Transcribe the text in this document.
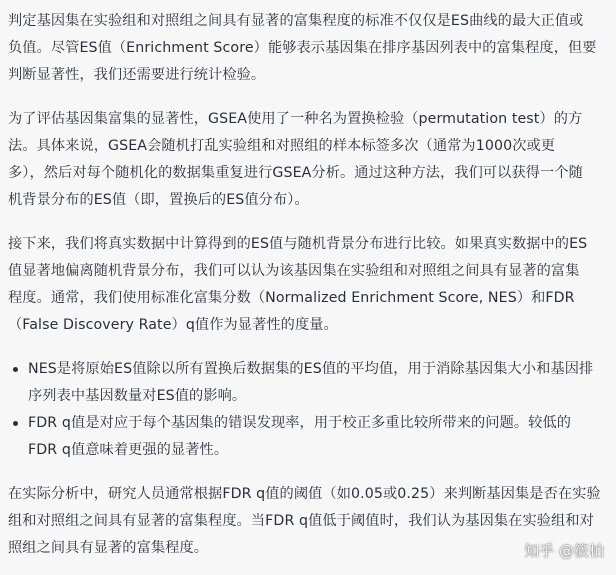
判定基因集在实验组和对照组之间具有显著的富集程度的标准不仅仅是ES曲线的最大正值或
负值。尽管ES值（Enrichment Score）能够表示基因集在排序基因列表中的富集程度，但要
判断显著性，我们还需要进行统计检验。

为了评估基因集富集的显著性，GSEA使用了一种名为置换检验（permutation test）的方
法。具体来说，GSEA会随机打乱实验组和对照组的样本标签多次（通常为1000次或更
多），然后对每个随机化的数据集重复进行GSEA分析。通过这种方法，我们可以获得一个随
机背景分布的ES值（即，置换后的ES值分布）。

接下来，我们将真实数据中计算得到的ES值与随机背景分布进行比较。如果真实数据中的ES
值显著地偏离随机背景分布，我们可以认为该基因集在实验组和对照组之间具有显著的富集
程度。通常，我们使用标准化富集分数（Normalized Enrichment Score, NES）和FDR
（False Discovery Rate）q值作为显著性的度量。

NES是将原始ES值除以所有置换后数据集的ES值的平均值，用于消除基因集大小和基因排
序列表中基因数量对ES值的影响。
FDR q值是对应于每个基因集的错误发现率，用于校正多重比较所带来的问题。较低的
FDR q值意味着更强的显著性。

在实际分析中，研究人员通常根据FDR q值的阈值（如0.05或0.25）来判断基因集是否在实验
组和对照组之间具有显著的富集程度。当FDR q值低于阈值时，我们认为基因集在实验组和对
照组之间具有显著的富集程度。	知乎 @筱柏
